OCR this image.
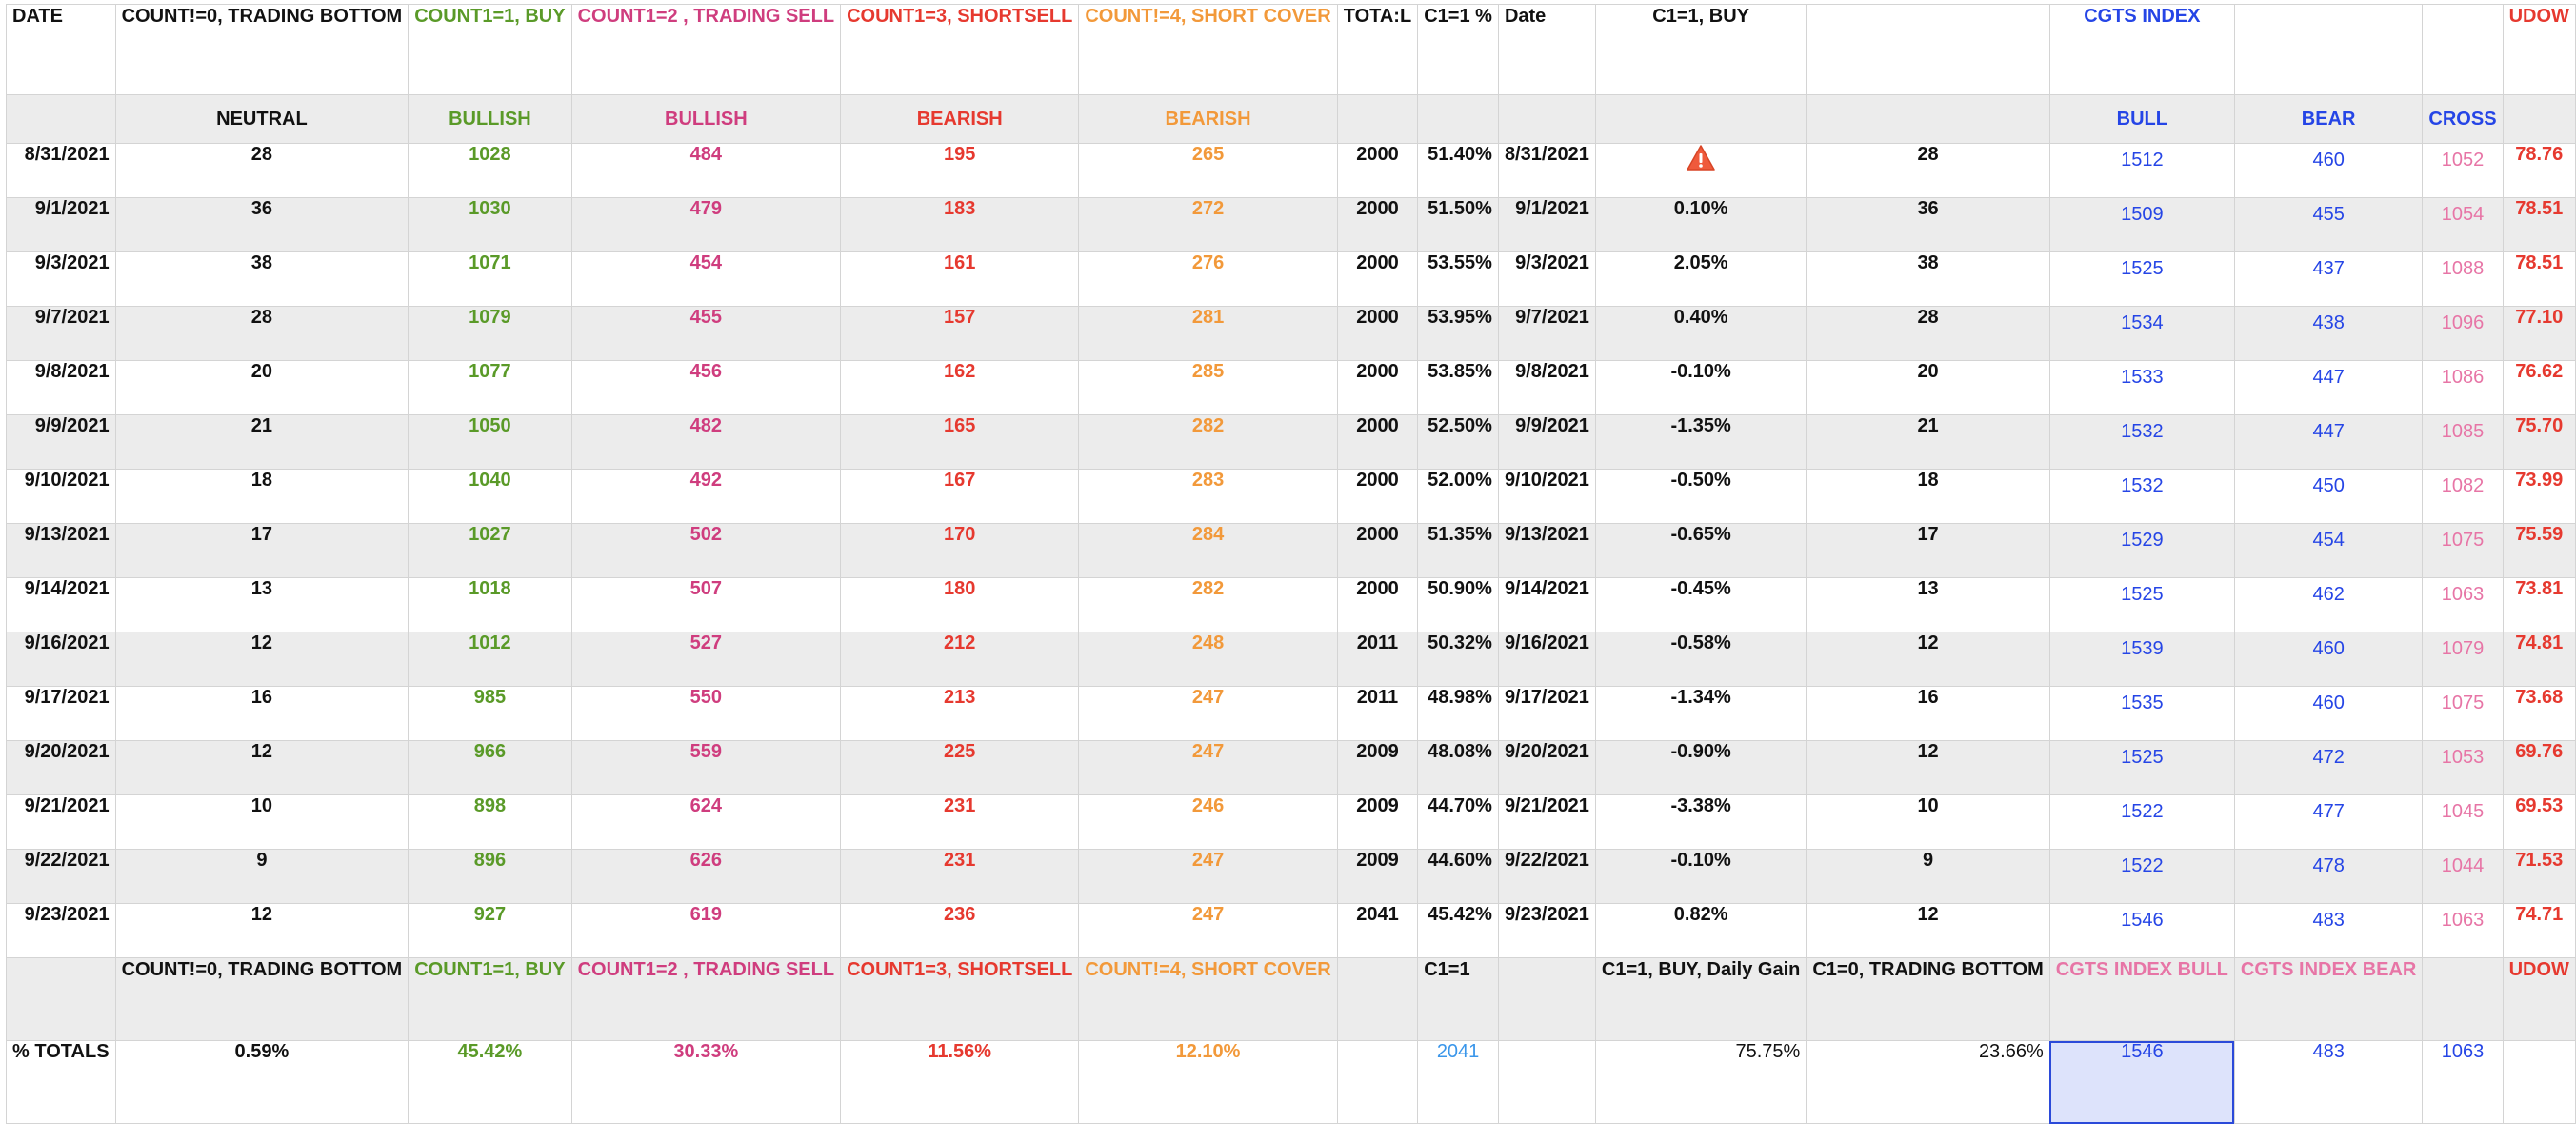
DATE	COUNT!=0, TRADING BOTTOM	COUNT1=1, BUY	COUNT1=2 , TRADING SELL	COUNT1=3, SHORTSELL	COUNT!=4, SHORT COVER	TOTA:L	C1=1 %	Date	C1=1, BUY		CGTS INDEX			UDOW
	NEUTRAL	BULLISH	BULLISH	BEARISH	BEARISH						BULL	BEAR	CROSS	
8/31/2021	28	1028	484	195	265	2000	51.40%	8/31/2021		28	1512	460	1052	78.76
9/1/2021	36	1030	479	183	272	2000	51.50%	9/1/2021	0.10%	36	1509	455	1054	78.51
9/3/2021	38	1071	454	161	276	2000	53.55%	9/3/2021	2.05%	38	1525	437	1088	78.51
9/7/2021	28	1079	455	157	281	2000	53.95%	9/7/2021	0.40%	28	1534	438	1096	77.10
9/8/2021	20	1077	456	162	285	2000	53.85%	9/8/2021	-0.10%	20	1533	447	1086	76.62
9/9/2021	21	1050	482	165	282	2000	52.50%	9/9/2021	-1.35%	21	1532	447	1085	75.70
9/10/2021	18	1040	492	167	283	2000	52.00%	9/10/2021	-0.50%	18	1532	450	1082	73.99
9/13/2021	17	1027	502	170	284	2000	51.35%	9/13/2021	-0.65%	17	1529	454	1075	75.59
9/14/2021	13	1018	507	180	282	2000	50.90%	9/14/2021	-0.45%	13	1525	462	1063	73.81
9/16/2021	12	1012	527	212	248	2011	50.32%	9/16/2021	-0.58%	12	1539	460	1079	74.81
9/17/2021	16	985	550	213	247	2011	48.98%	9/17/2021	-1.34%	16	1535	460	1075	73.68
9/20/2021	12	966	559	225	247	2009	48.08%	9/20/2021	-0.90%	12	1525	472	1053	69.76
9/21/2021	10	898	624	231	246	2009	44.70%	9/21/2021	-3.38%	10	1522	477	1045	69.53
9/22/2021	9	896	626	231	247	2009	44.60%	9/22/2021	-0.10%	9	1522	478	1044	71.53
9/23/2021	12	927	619	236	247	2041	45.42%	9/23/2021	0.82%	12	1546	483	1063	74.71
	COUNT!=0, TRADING BOTTOM	COUNT1=1, BUY	COUNT1=2 , TRADING SELL	COUNT1=3, SHORTSELL	COUNT!=4, SHORT COVER		C1=1		C1=1, BUY, Daily Gain	C1=0, TRADING BOTTOM	CGTS INDEX BULL	CGTS INDEX BEAR		UDOW
% TOTALS	0.59%	45.42%	30.33%	11.56%	12.10%		2041		75.75%	23.66%	1546	483	1063	
